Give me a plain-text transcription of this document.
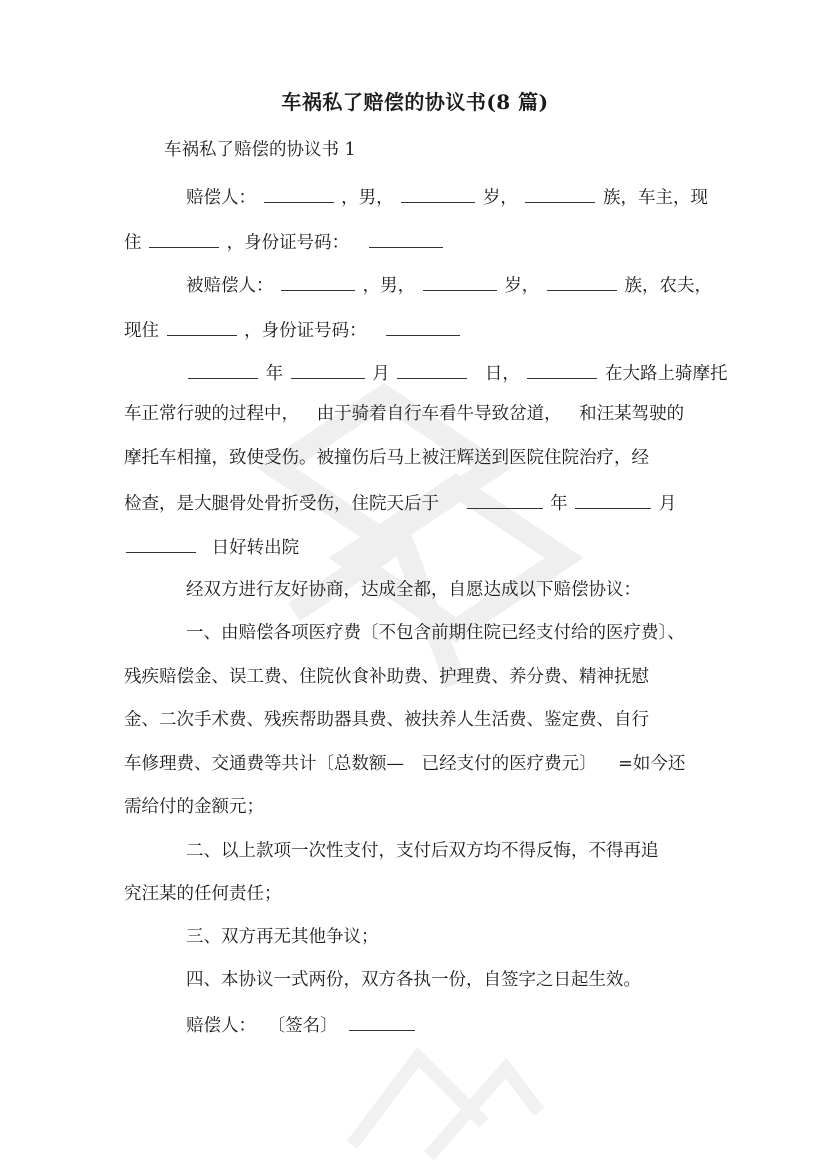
车祸私了赔偿的协议书(8 篇)
车祸私了赔偿的协议书 1
赔偿人：	，男，	岁，	族，车主，现
住	，身份证号码：
被赔偿人：	，男，	岁，	族，农夫，
现住	，身份证号码：
年	月	日，	在大路上骑摩托
车正常行驶的过程中， 由于骑着自行车看牛导致岔道， 和汪某驾驶的
摩托车相撞，致使受伤。被撞伤后马上被汪辉送到医院住院治疗，经
检查，是大腿骨处骨折受伤，住院天后于	年	月
日好转出院
经双方进行友好协商，达成全都，自愿达成以下赔偿协议：
一、由赔偿各项医疗费〔不包含前期住院已经支付给的医疗费〕、
残疾赔偿金、误工费、住院伙食补助费、护理费、养分费、精神抚慰
金、二次手术费、残疾帮助器具费、被扶养人生活费、鉴定费、自行
车修理费、交通费等共计〔总数额— 已经支付的医疗费元〕 =如今还
需给付的金额元；
二、以上款项一次性支付，支付后双方均不得反悔，不得再追
究汪某的任何责任；
三、双方再无其他争议；
四、本协议一式两份，双方各执一份，自签字之日起生效。
赔偿人： 〔签名〕
